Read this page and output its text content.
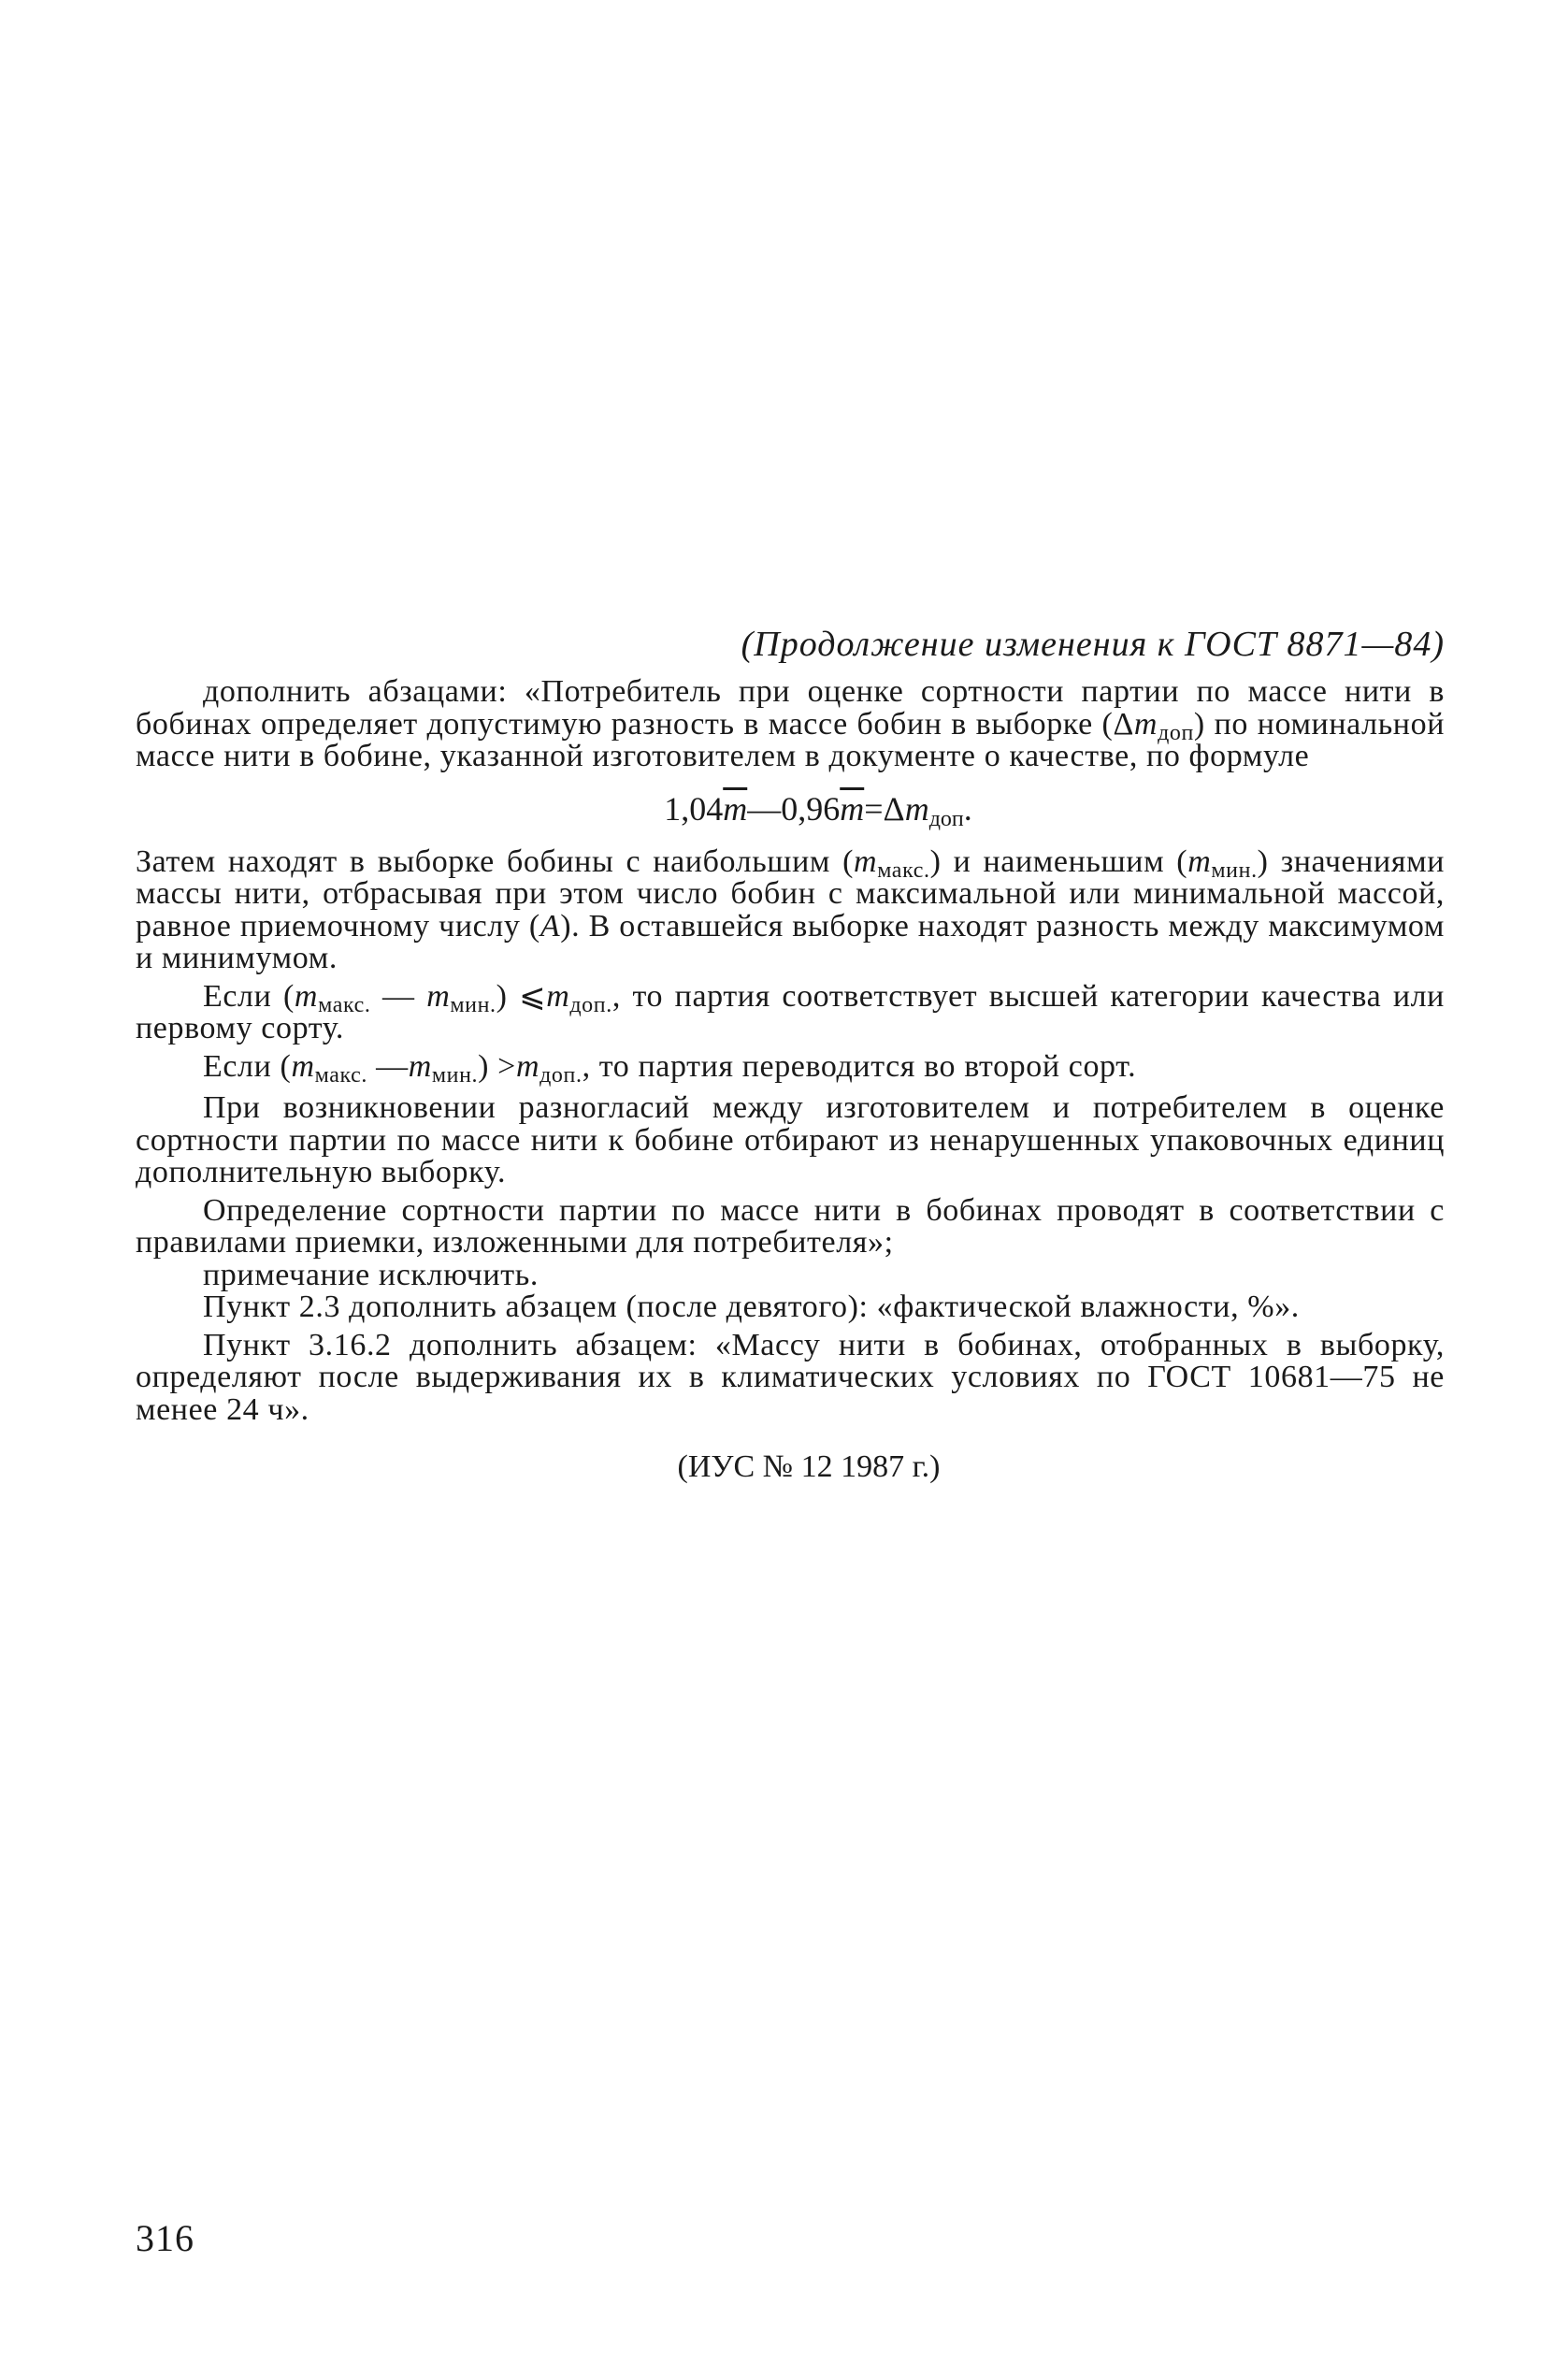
(Продолжение изменения к ГОСТ 8871—84)

дополнить абзацами: «Потребитель при оценке сортности партии по массе нити в бобинах определяет допустимую разность в массе бобин в выборке $(\Delta m_{доп})$ по номинальной массе нити в бобине, указанной изготовителем в документе о качестве, по формуле

$1,04\overline{m}—0,96\overline{m}=\Delta m_{доп}$.

Затем находят в выборке бобины с наибольшим $(m_{макс.})$ и наименьшим $(m_{мин.})$ значениями массы нити, отбрасывая при этом число бобин с максимальной или минимальной массой, равное приемочному числу (А). В оставшейся выборке находят разность между максимумом и минимумом.

Если ($m_{макс.}$ — $m_{мин.}$) $⩽m_{доп.}$, то партия соответствует высшей категории качества или первому сорту.

Если ($m_{макс.}$ $—m_{мин.}) >m_{доп.}$, то партия переводится во второй сорт.

При возникновении разногласий между изготовителем и потребителем в оценке сортности партии по массе нити к бобине отбирают из ненарушенных упаковочных единиц дополнительную выборку.

Определение сортности партии по массе нити в бобинах проводят в соответствии с правилами приемки, изложенными для потребителя»;

примечание исключить.

Пункт 2.3 дополнить абзацем (после девятого): «фактической влажности, %».

Пункт 3.16.2 дополнить абзацем: «Массу нити в бобинах, отобранных в выборку, определяют после выдерживания их в климатических условиях по ГОСТ 10681—75 не менее 24 ч».

(ИУС № 12 1987 г.)
316
